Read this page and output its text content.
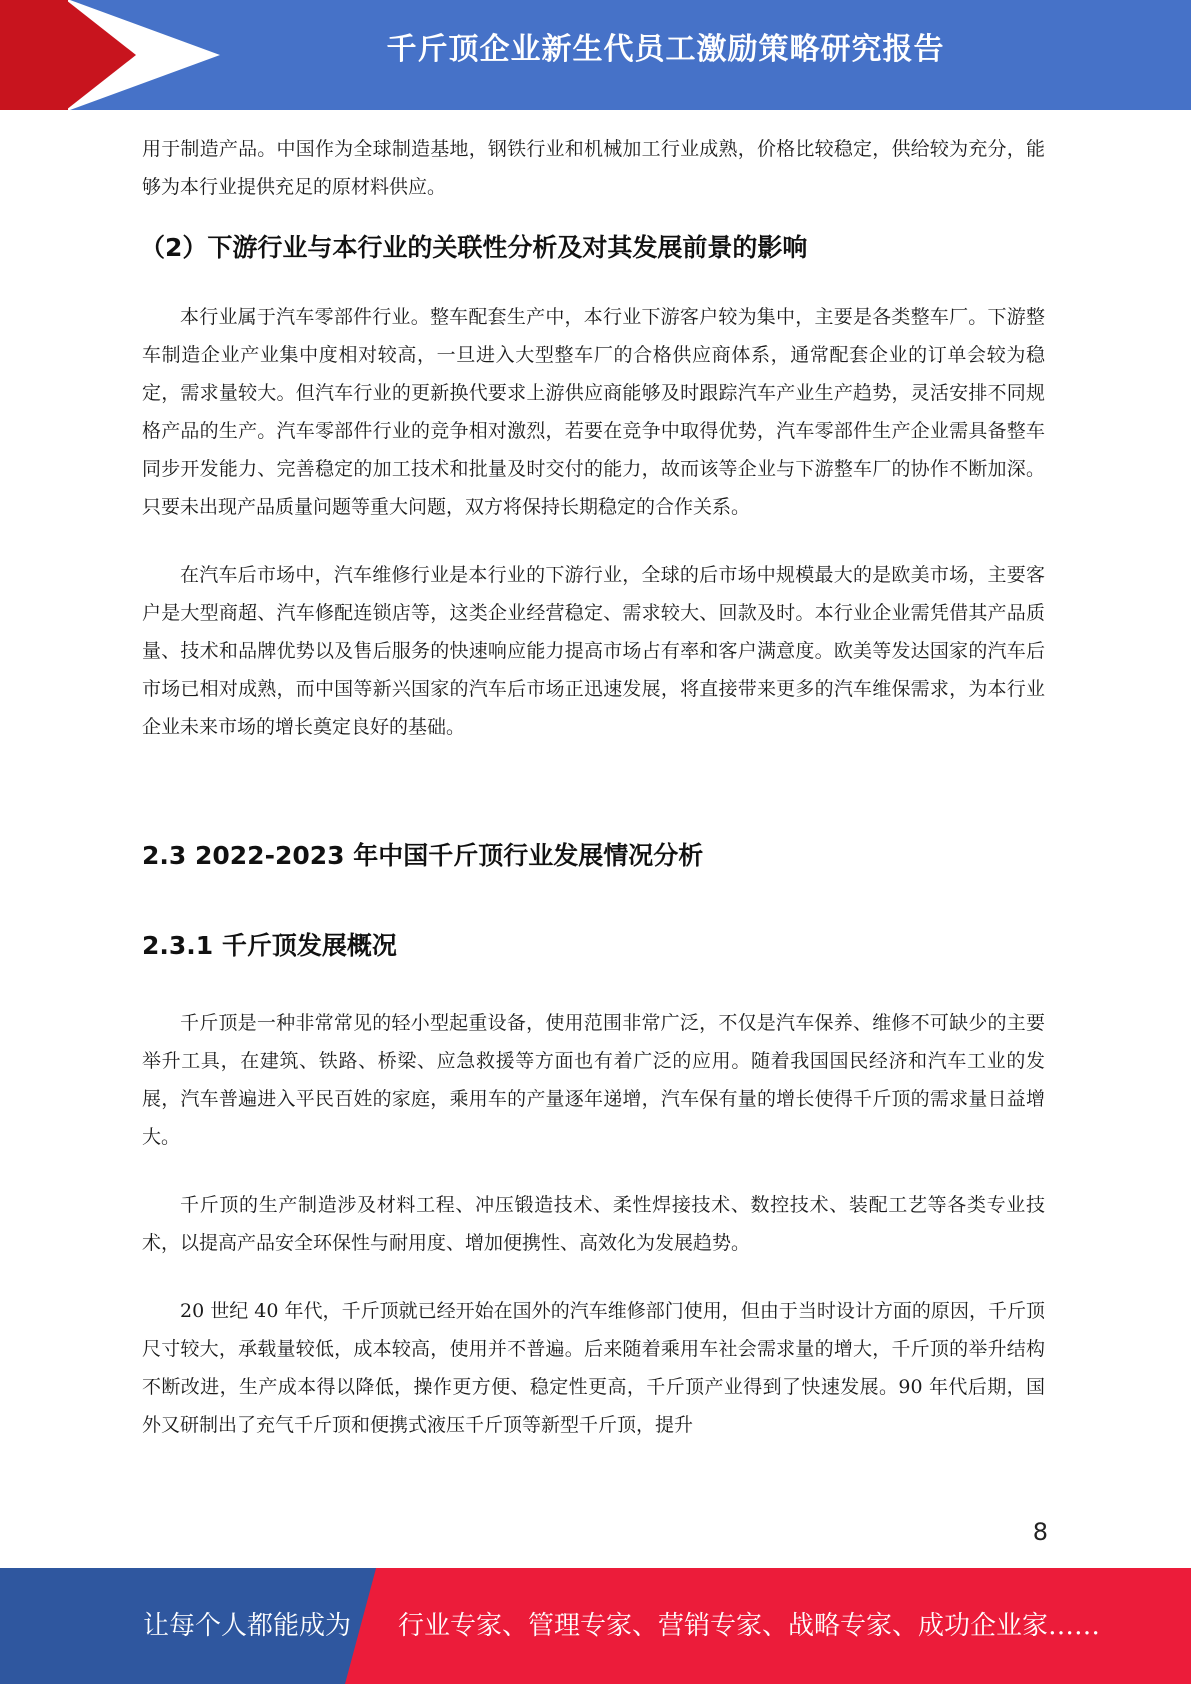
千斤顶企业新生代员工激励策略研究报告

用于制造产品。中国作为全球制造基地，钢铁行业和机械加工行业成熟，价格比较稳定，供给较为充分，能够为本行业提供充足的原材料供应。

（2）下游行业与本行业的关联性分析及对其发展前景的影响

本行业属于汽车零部件行业。整车配套生产中，本行业下游客户较为集中，主要是各类整车厂。下游整车制造企业产业集中度相对较高，一旦进入大型整车厂的合格供应商体系，通常配套企业的订单会较为稳定，需求量较大。但汽车行业的更新换代要求上游供应商能够及时跟踪汽车产业生产趋势，灵活安排不同规格产品的生产。汽车零部件行业的竞争相对激烈，若要在竞争中取得优势，汽车零部件生产企业需具备整车同步开发能力、完善稳定的加工技术和批量及时交付的能力，故而该等企业与下游整车厂的协作不断加深。只要未出现产品质量问题等重大问题，双方将保持长期稳定的合作关系。

在汽车后市场中，汽车维修行业是本行业的下游行业，全球的后市场中规模最大的是欧美市场，主要客户是大型商超、汽车修配连锁店等，这类企业经营稳定、需求较大、回款及时。本行业企业需凭借其产品质量、技术和品牌优势以及售后服务的快速响应能力提高市场占有率和客户满意度。欧美等发达国家的汽车后市场已相对成熟，而中国等新兴国家的汽车后市场正迅速发展，将直接带来更多的汽车维保需求，为本行业企业未来市场的增长奠定良好的基础。

2.3 2022-2023 年中国千斤顶行业发展情况分析
2.3.1 千斤顶发展概况

千斤顶是一种非常常见的轻小型起重设备，使用范围非常广泛，不仅是汽车保养、维修不可缺少的主要举升工具，在建筑、铁路、桥梁、应急救援等方面也有着广泛的应用。随着我国国民经济和汽车工业的发展，汽车普遍进入平民百姓的家庭，乘用车的产量逐年递增，汽车保有量的增长使得千斤顶的需求量日益增大。

千斤顶的生产制造涉及材料工程、冲压锻造技术、柔性焊接技术、数控技术、装配工艺等各类专业技术，以提高产品安全环保性与耐用度、增加便携性、高效化为发展趋势。

20 世纪 40 年代，千斤顶就已经开始在国外的汽车维修部门使用，但由于当时设计方面的原因，千斤顶尺寸较大，承载量较低，成本较高，使用并不普遍。后来随着乘用车社会需求量的增大，千斤顶的举升结构不断改进，生产成本得以降低，操作更方便、稳定性更高，千斤顶产业得到了快速发展。90 年代后期，国外又研制出了充气千斤顶和便携式液压千斤顶等新型千斤顶，提升

8
让每个人都能成为 行业专家、管理专家、营销专家、战略专家、成功企业家……
